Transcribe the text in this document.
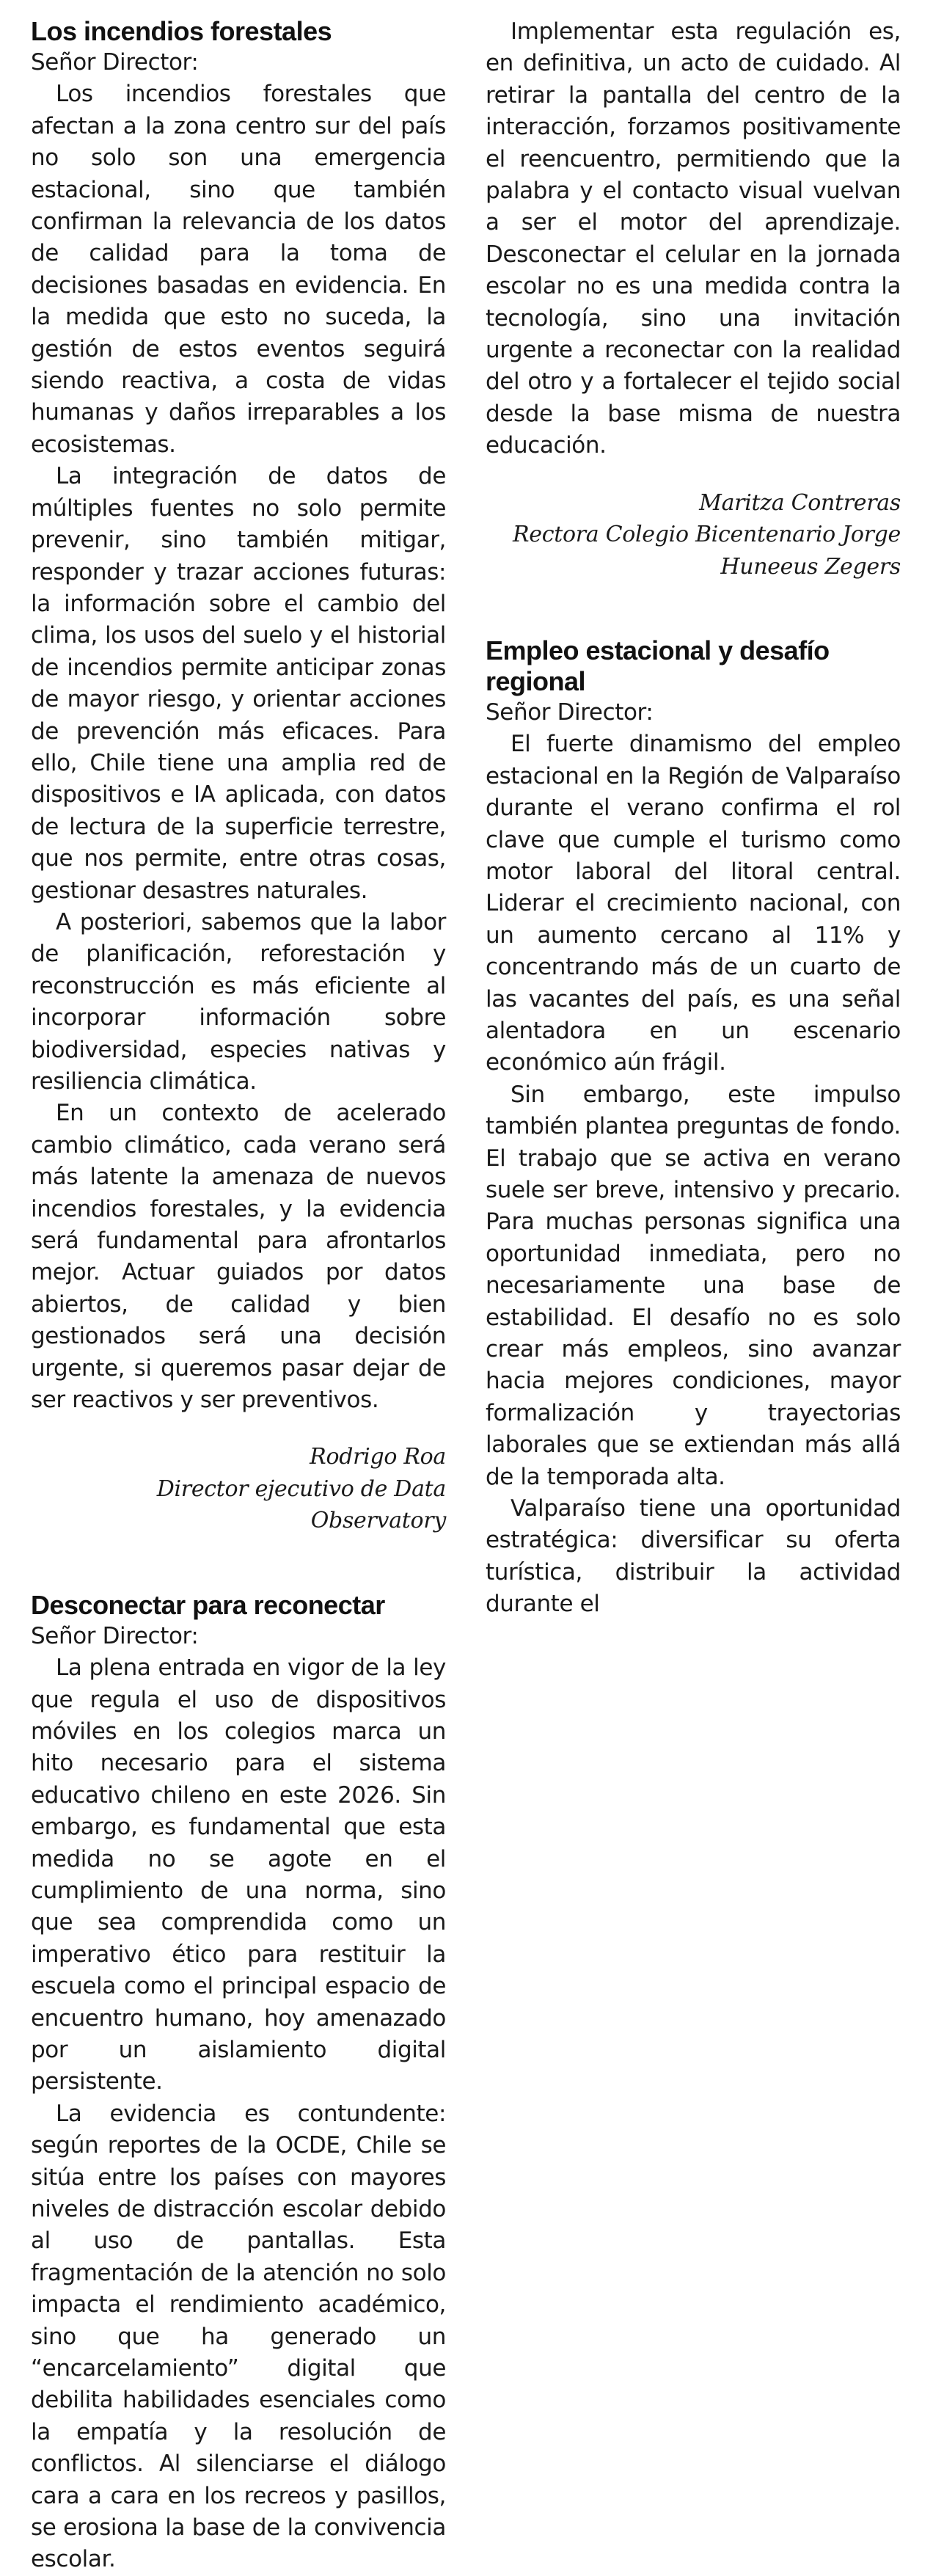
Los incendios forestales

Señor Director:

Los incendios forestales que afectan a la zona centro sur del país no solo son una emergencia estacional, sino que también confirman la relevancia de los datos de calidad para la toma de decisiones basadas en evidencia. En la medida que esto no suceda, la gestión de estos eventos seguirá siendo reactiva, a costa de vidas humanas y daños irreparables a los ecosistemas.

La integración de datos de múltiples fuentes no solo permite prevenir, sino también mitigar, responder y trazar acciones futuras: la información sobre el cambio del clima, los usos del suelo y el historial de incendios permite anticipar zonas de mayor riesgo, y orientar acciones de prevención más eficaces. Para ello, Chile tiene una amplia red de dispositivos e IA aplicada, con datos de lectura de la superficie terrestre, que nos permite, entre otras cosas, gestionar desastres naturales.

A posteriori, sabemos que la labor de planificación, reforestación y reconstrucción es más eficiente al incorporar información sobre biodiversidad, especies nativas y resiliencia climática.

En un contexto de acelerado cambio climático, cada verano será más latente la amenaza de nuevos incendios forestales, y la evidencia será fundamental para afrontarlos mejor. Actuar guiados por datos abiertos, de calidad y bien gestionados será una decisión urgente, si queremos pasar dejar de ser reactivos y ser preventivos.

Rodrigo Roa

Director ejecutivo de Data Observatory

Desconectar para reconectar

Señor Director:

La plena entrada en vigor de la ley que regula el uso de dispositivos móviles en los colegios marca un hito necesario para el sistema educativo chileno en este 2026. Sin embargo, es fundamental que esta medida no se agote en el cumplimiento de una norma, sino que sea comprendida como un imperativo ético para restituir la escuela como el principal espacio de encuentro humano, hoy amenazado por un aislamiento digital persistente.

La evidencia es contundente: según reportes de la OCDE, Chile se sitúa entre los países con mayores niveles de distracción escolar debido al uso de pantallas. Esta fragmentación de la atención no solo impacta el rendimiento académico, sino que ha generado un “encarcelamiento” digital que debilita habilidades esenciales como la empatía y la resolución de conflictos. Al silenciarse el diálogo cara a cara en los recreos y pasillos, se erosiona la base de la convivencia escolar.

Implementar esta regulación es, en definitiva, un acto de cuidado. Al retirar la pantalla del centro de la interacción, forzamos positivamente el reencuentro, permitiendo que la palabra y el contacto visual vuelvan a ser el motor del aprendizaje. Desconectar el celular en la jornada escolar no es una medida contra la tecnología, sino una invitación urgente a reconectar con la realidad del otro y a fortalecer el tejido social desde la base misma de nuestra educación.

Maritza Contreras

Rectora Colegio Bicentenario Jorge Huneeus Zegers

Empleo estacional y desafío regional

Señor Director:

El fuerte dinamismo del empleo estacional en la Región de Valparaíso durante el verano confirma el rol clave que cumple el turismo como motor laboral del litoral central. Liderar el crecimiento nacional, con un aumento cercano al 11% y concentrando más de un cuarto de las vacantes del país, es una señal alentadora en un escenario económico aún frágil.

Sin embargo, este impulso también plantea preguntas de fondo. El trabajo que se activa en verano suele ser breve, intensivo y precario. Para muchas personas significa una oportunidad inmediata, pero no necesariamente una base de estabilidad. El desafío no es solo crear más empleos, sino avanzar hacia mejores condiciones, mayor formalización y trayectorias laborales que se extiendan más allá de la temporada alta.

Valparaíso tiene una oportunidad estratégica: diversificar su oferta turística, distribuir la actividad durante el
